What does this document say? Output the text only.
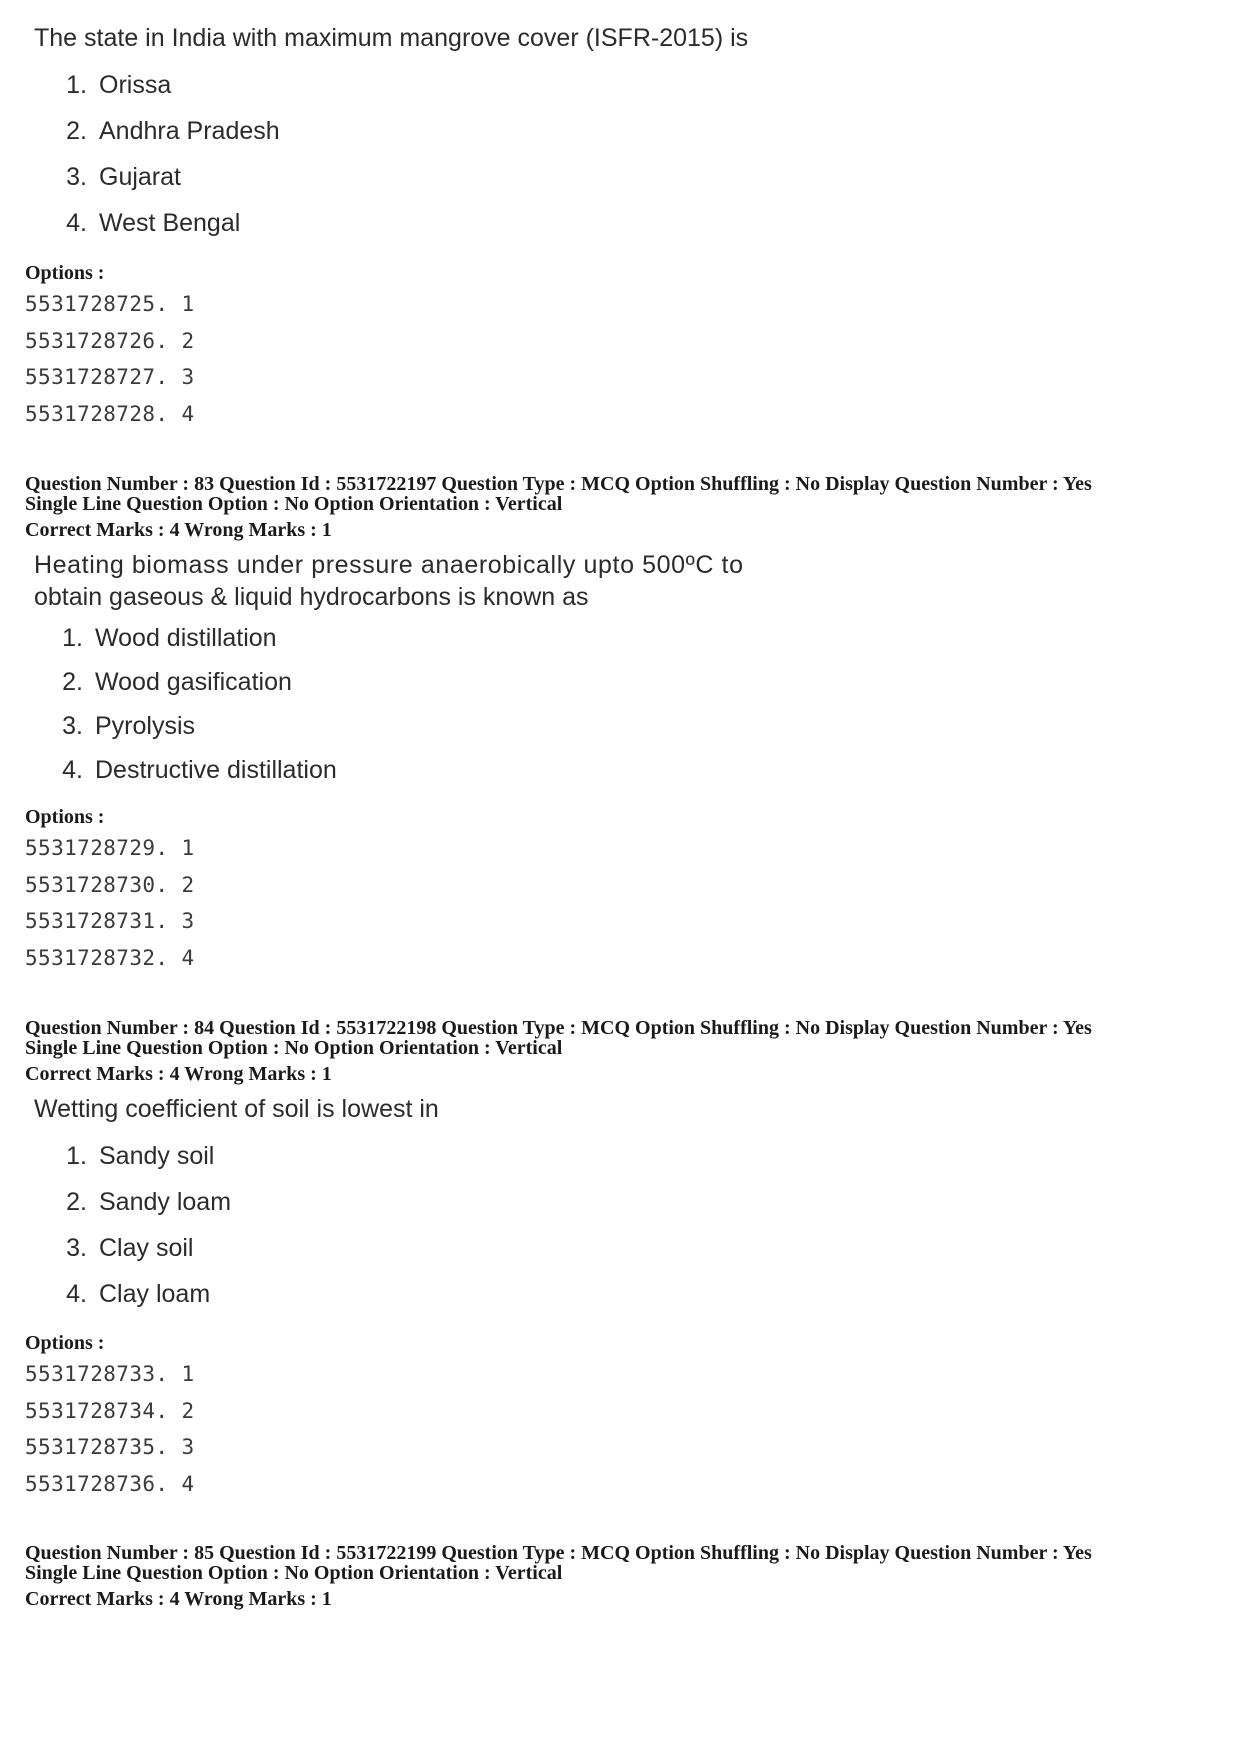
The state in India with maximum mangrove cover (ISFR-2015) is
1. Orissa
2. Andhra Pradesh
3. Gujarat
4. West Bengal
Options :
5531728725. 1
5531728726. 2
5531728727. 3
5531728728. 4
Question Number : 83 Question Id : 5531722197 Question Type : MCQ Option Shuffling : No Display Question Number : Yes
Single Line Question Option : No Option Orientation : Vertical
Correct Marks : 4 Wrong Marks : 1
Heating biomass under pressure anaerobically upto 500ºC to
obtain gaseous & liquid hydrocarbons is known as
1. Wood distillation
2. Wood gasification
3. Pyrolysis
4. Destructive distillation
Options :
5531728729. 1
5531728730. 2
5531728731. 3
5531728732. 4
Question Number : 84 Question Id : 5531722198 Question Type : MCQ Option Shuffling : No Display Question Number : Yes
Single Line Question Option : No Option Orientation : Vertical
Correct Marks : 4 Wrong Marks : 1
Wetting coefficient of soil is lowest in
1. Sandy soil
2. Sandy loam
3. Clay soil
4. Clay loam
Options :
5531728733. 1
5531728734. 2
5531728735. 3
5531728736. 4
Question Number : 85 Question Id : 5531722199 Question Type : MCQ Option Shuffling : No Display Question Number : Yes
Single Line Question Option : No Option Orientation : Vertical
Correct Marks : 4 Wrong Marks : 1
